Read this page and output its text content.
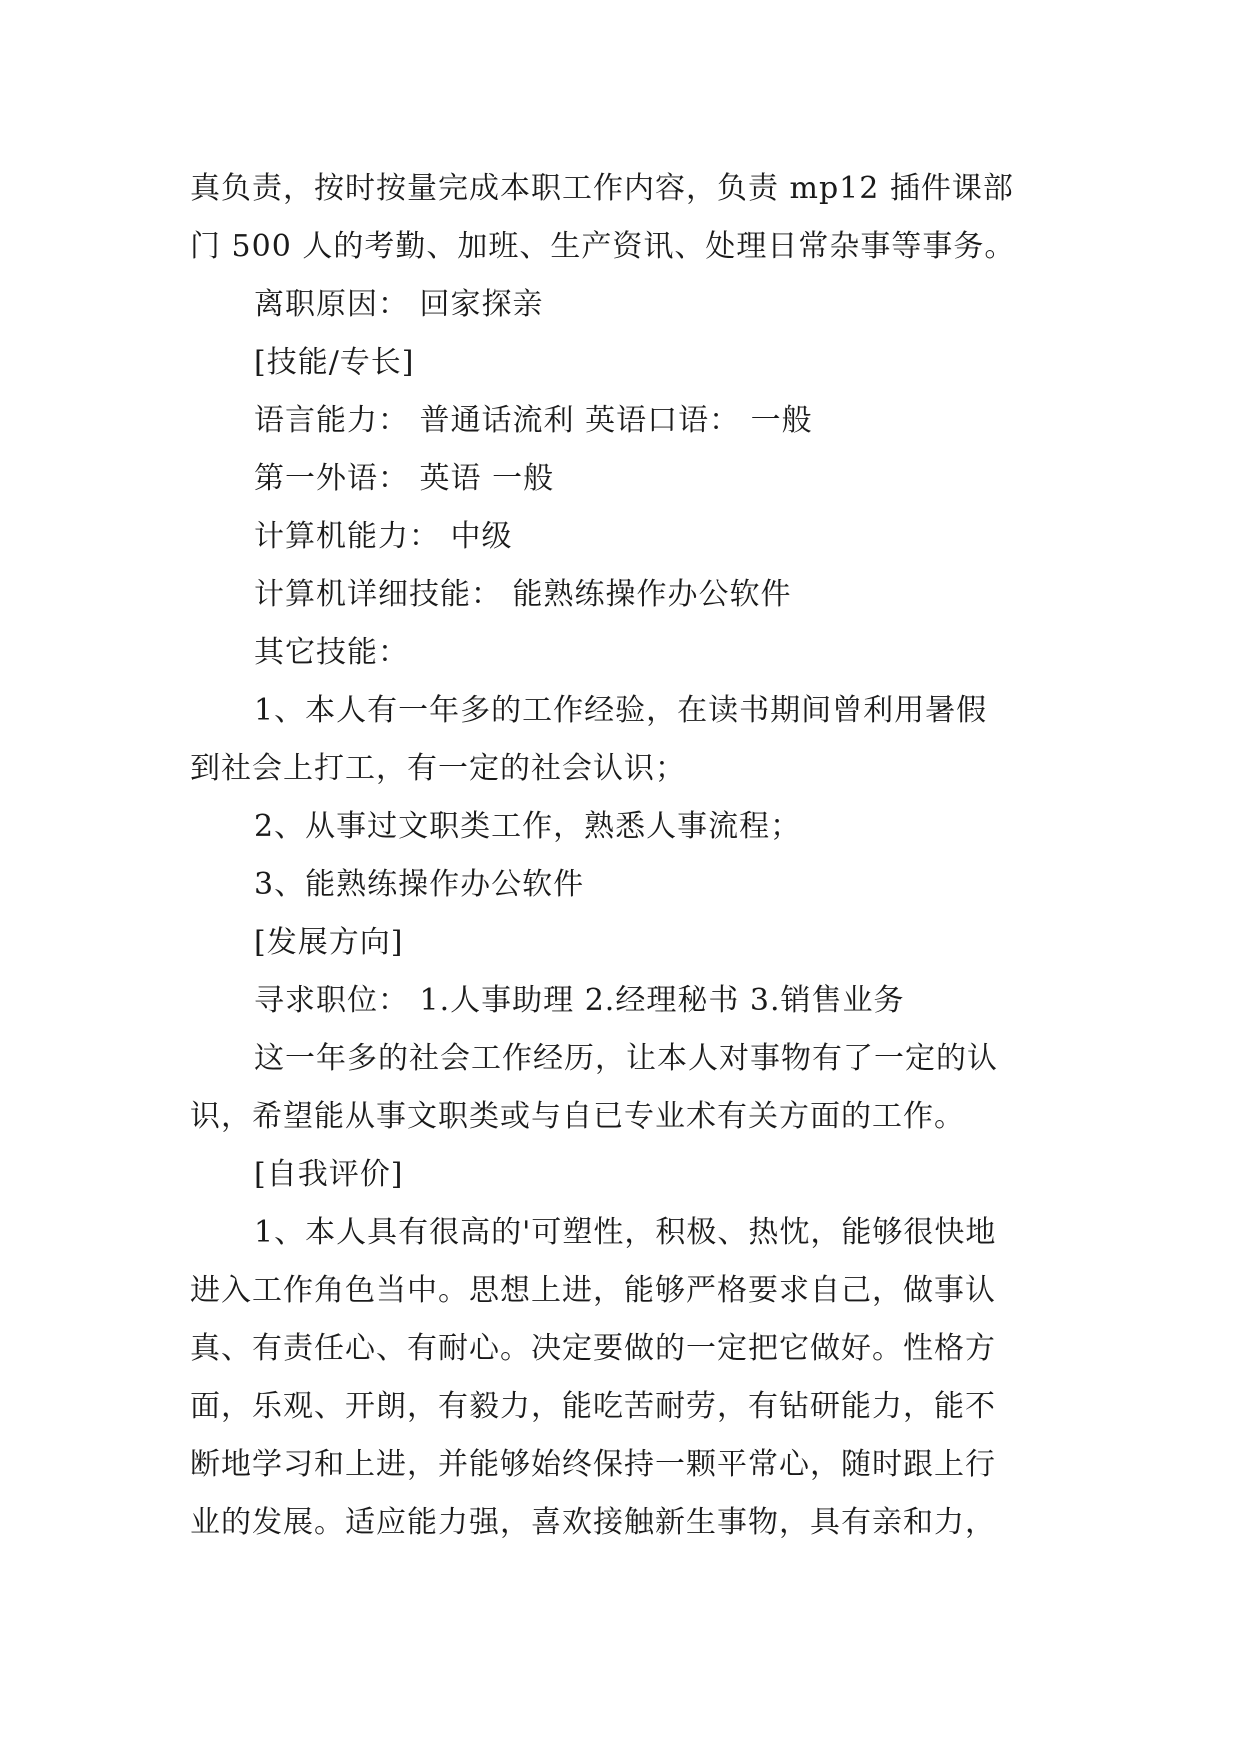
真负责，按时按量完成本职工作内容，负责 mp12 插件课部
门 500 人的考勤、加班、生产资讯、处理日常杂事等事务。

离职原因： 回家探亲

[技能/专长]

语言能力： 普通话流利 英语口语： 一般

第一外语： 英语 一般

计算机能力： 中级

计算机详细技能： 能熟练操作办公软件

其它技能：

1、本人有一年多的工作经验，在读书期间曾利用暑假
到社会上打工，有一定的社会认识；

2、从事过文职类工作，熟悉人事流程；

3、能熟练操作办公软件

[发展方向]

寻求职位： 1.人事助理 2.经理秘书 3.销售业务

这一年多的社会工作经历，让本人对事物有了一定的认
识，希望能从事文职类或与自已专业术有关方面的工作。

[自我评价]

1、本人具有很高的'可塑性，积极、热忱，能够很快地
进入工作角色当中。思想上进，能够严格要求自己，做事认
真、有责任心、有耐心。决定要做的一定把它做好。性格方
面，乐观、开朗，有毅力，能吃苦耐劳，有钻研能力，能不
断地学习和上进，并能够始终保持一颗平常心，随时跟上行
业的发展。适应能力强，喜欢接触新生事物，具有亲和力，
